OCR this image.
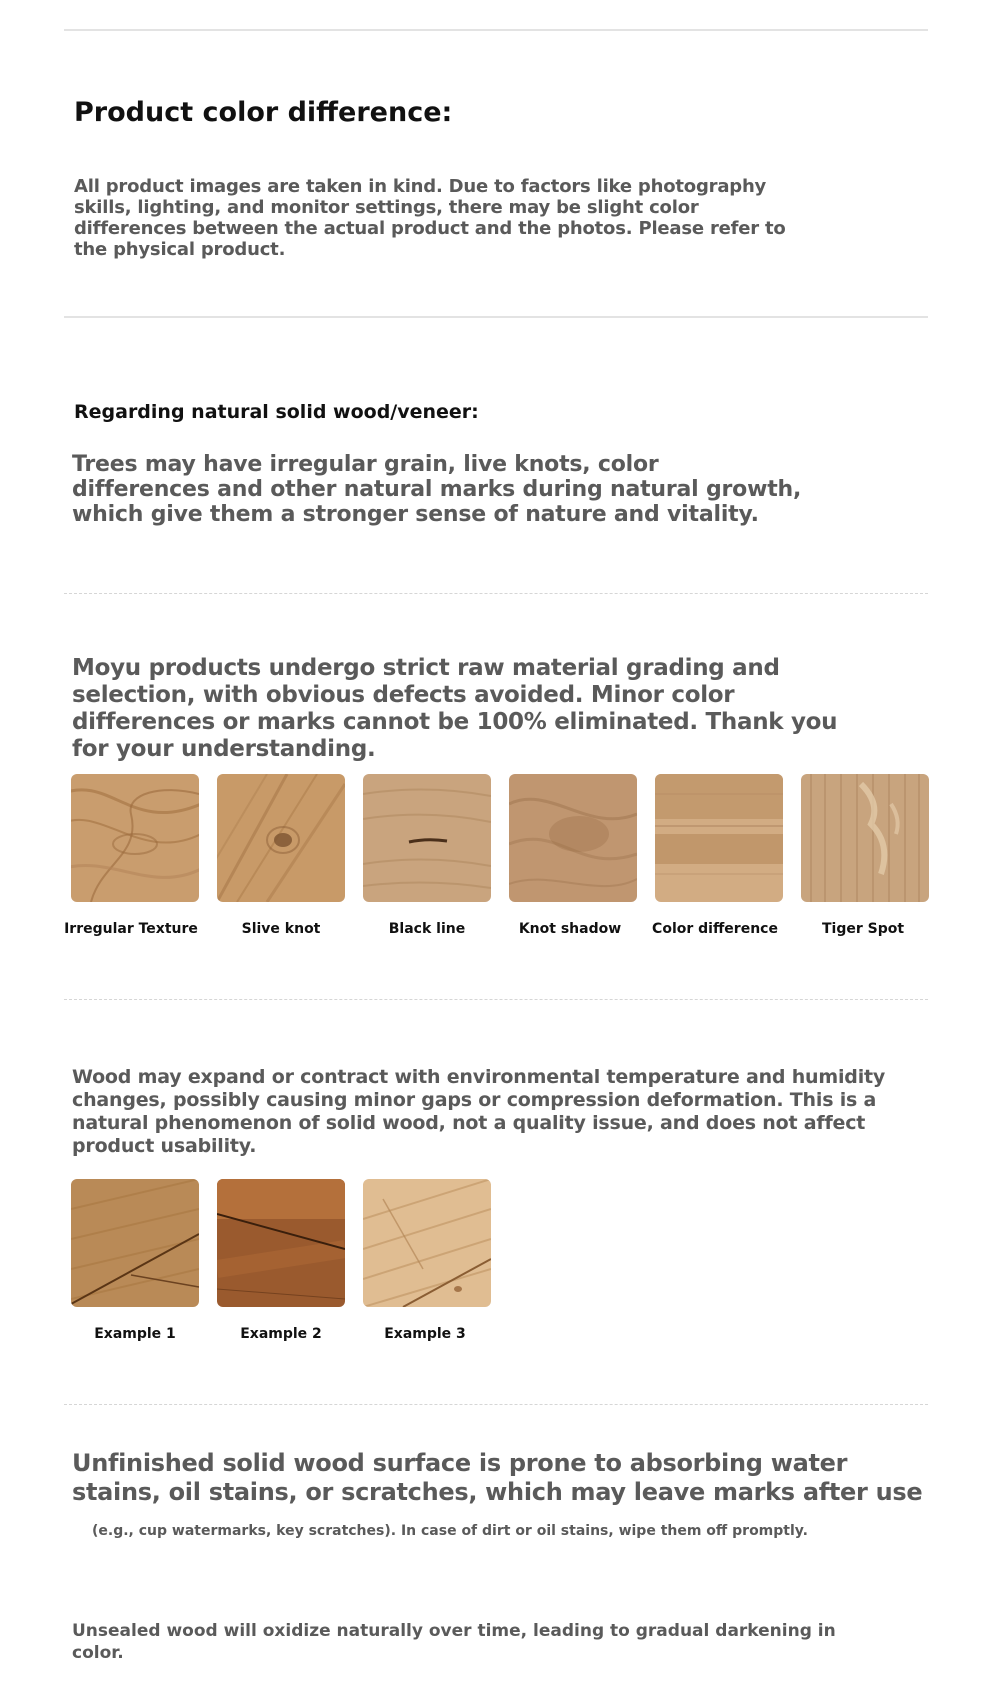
Product color difference:
All product images are taken in kind. Due to factors like photography skills, lighting, and monitor settings, there may be slight color differences between the actual product and the photos. Please refer to the physical product.
Regarding natural solid wood/veneer:
Trees may have irregular grain, live knots, color differences and other natural marks during natural growth, which give them a stronger sense of nature and vitality.
Moyu products undergo strict raw material grading and selection, with obvious defects avoided. Minor color differences or marks cannot be 100% eliminated. Thank you for your understanding.
Irregular Texture	Slive knot	Black line	Knot shadow	Color difference	Tiger Spot
Wood may expand or contract with environmental temperature and humidity changes, possibly causing minor gaps or compression deformation. This is a natural phenomenon of solid wood, not a quality issue, and does not affect product usability.
Example 1	Example 2	Example 3
Unfinished solid wood surface is prone to absorbing water stains, oil stains, or scratches, which may leave marks after use
(e.g., cup watermarks, key scratches). In case of dirt or oil stains, wipe them off promptly.
Unsealed wood will oxidize naturally over time, leading to gradual darkening in color.
